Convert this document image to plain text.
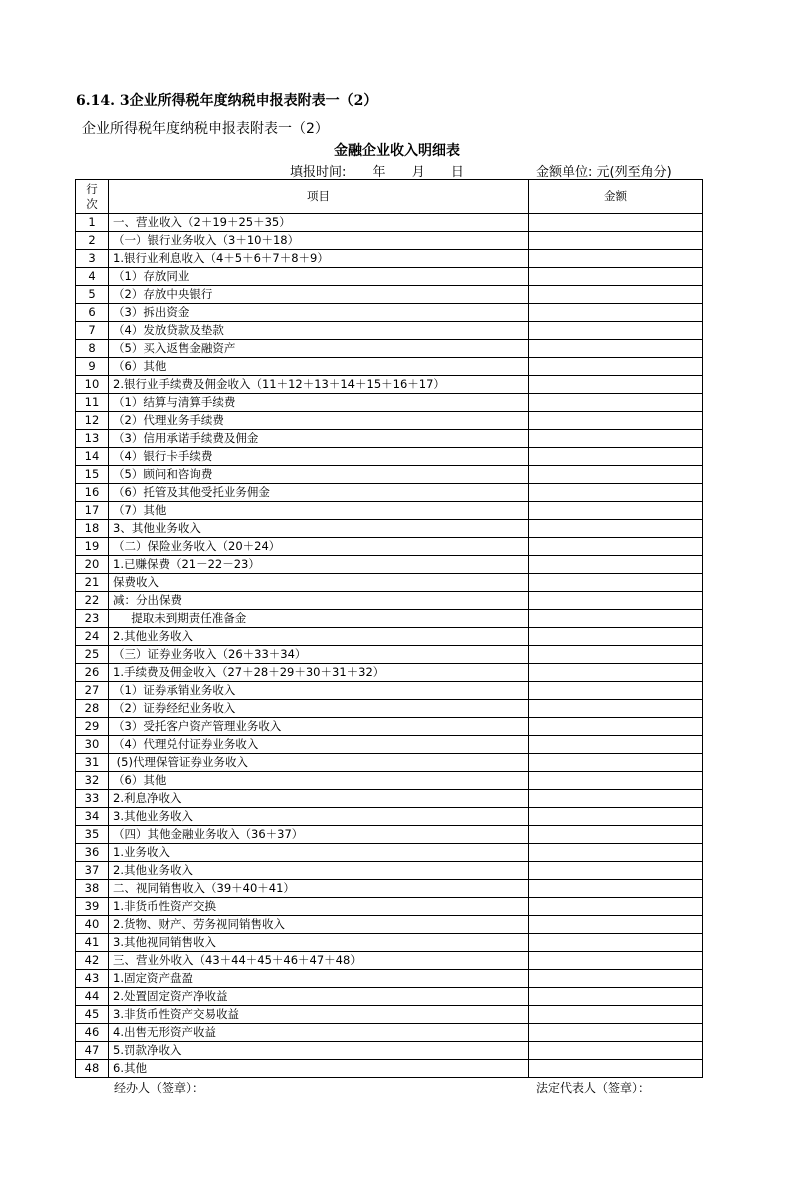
6.14. 3企业所得税年度纳税申报表附表一（2）
企业所得税年度纳税申报表附表一（2）
金融企业收入明细表
填报时间: 年 月 日	金额单位: 元(列至角分)
行次	项目	金额
1	一、营业收入（2＋19＋25＋35）	
2	（一）银行业务收入（3＋10＋18）	
3	1.银行业利息收入（4＋5＋6＋7＋8＋9）	
4	（1）存放同业	
5	（2）存放中央银行	
6	（3）拆出资金	
7	（4）发放贷款及垫款	
8	（5）买入返售金融资产	
9	（6）其他	
10	2.银行业手续费及佣金收入（11＋12＋13＋14＋15＋16＋17）	
11	（1）结算与清算手续费	
12	（2）代理业务手续费	
13	（3）信用承诺手续费及佣金	
14	（4）银行卡手续费	
15	（5）顾问和咨询费	
16	（6）托管及其他受托业务佣金	
17	（7）其他	
18	3、其他业务收入	
19	（二）保险业务收入（20＋24）	
20	1.已赚保费（21－22－23）	
21	保费收入	
22	减：分出保费	
23	提取未到期责任准备金	
24	2.其他业务收入	
25	（三）证券业务收入（26＋33＋34）	
26	1.手续费及佣金收入（27＋28＋29＋30＋31＋32）	
27	（1）证券承销业务收入	
28	（2）证券经纪业务收入	
29	（3）受托客户资产管理业务收入	
30	（4）代理兑付证券业务收入	
31	(5)代理保管证券业务收入	
32	（6）其他	
33	2.利息净收入	
34	3.其他业务收入	
35	（四）其他金融业务收入（36＋37）	
36	1.业务收入	
37	2.其他业务收入	
38	二、视同销售收入（39＋40＋41）	
39	1.非货币性资产交换	
40	2.货物、财产、劳务视同销售收入	
41	3.其他视同销售收入	
42	三、营业外收入（43＋44＋45＋46＋47＋48）	
43	1.固定资产盘盈	
44	2.处置固定资产净收益	
45	3.非货币性资产交易收益	
46	4.出售无形资产收益	
47	5.罚款净收入	
48	6.其他	
经办人（签章）：	法定代表人（签章）：
